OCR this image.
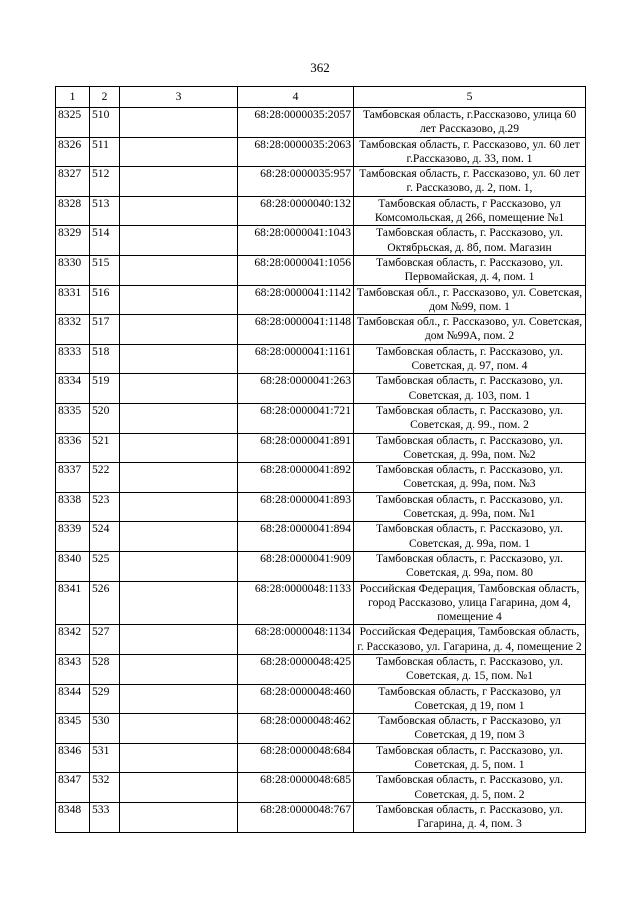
362
1	2	3	4	5
8325	510		68:28:0000035:2057	Тамбовская область, г.Рассказово, улица 60 лет Рассказово, д.29
8326	511		68:28:0000035:2063	Тамбовская область, г. Рассказово, ул. 60 лет г.Рассказово, д. 33, пом. 1
8327	512		68:28:0000035:957	Тамбовская область, г. Рассказово, ул. 60 лет г. Рассказово, д. 2, пом. 1,
8328	513		68:28:0000040:132	Тамбовская область, г Рассказово, ул Комсомольская, д 266, помещение №1
8329	514		68:28:0000041:1043	Тамбовская область, г. Рассказово, ул. Октябрьская, д. 8б, пом. Магазин
8330	515		68:28:0000041:1056	Тамбовская область, г. Рассказово, ул. Первомайская, д. 4, пом. 1
8331	516		68:28:0000041:1142	Тамбовская обл., г. Рассказово, ул. Советская, дом №99, пом. 1
8332	517		68:28:0000041:1148	Тамбовская обл., г. Рассказово, ул. Советская, дом №99А, пом. 2
8333	518		68:28:0000041:1161	Тамбовская область, г. Рассказово, ул. Советская, д. 97, пом. 4
8334	519		68:28:0000041:263	Тамбовская область, г. Рассказово, ул. Советская, д. 103, пом. 1
8335	520		68:28:0000041:721	Тамбовская область, г. Рассказово, ул. Советская, д. 99., пом. 2
8336	521		68:28:0000041:891	Тамбовская область, г. Рассказово, ул. Советская, д. 99а, пом. №2
8337	522		68:28:0000041:892	Тамбовская область, г. Рассказово, ул. Советская, д. 99а, пом. №3
8338	523		68:28:0000041:893	Тамбовская область, г. Рассказово, ул. Советская, д. 99а, пом. №1
8339	524		68:28:0000041:894	Тамбовская область, г. Рассказово, ул. Советская, д. 99а, пом. 1
8340	525		68:28:0000041:909	Тамбовская область, г. Рассказово, ул. Советская, д. 99а, пом. 80
8341	526		68:28:0000048:1133	Российская Федерация, Тамбовская область, город Рассказово, улица Гагарина, дом 4, помещение 4
8342	527		68:28:0000048:1134	Российская Федерация, Тамбовская область, г. Рассказово, ул. Гагарина, д. 4, помещение 2
8343	528		68:28:0000048:425	Тамбовская область, г. Рассказово, ул. Советская, д. 15, пом. №1
8344	529		68:28:0000048:460	Тамбовская область, г Рассказово, ул Советская, д 19, пом 1
8345	530		68:28:0000048:462	Тамбовская область, г Рассказово, ул Советская, д 19, пом 3
8346	531		68:28:0000048:684	Тамбовская область, г. Рассказово, ул. Советская, д. 5, пом. 1
8347	532		68:28:0000048:685	Тамбовская область, г. Рассказово, ул. Советская, д. 5, пом. 2
8348	533		68:28:0000048:767	Тамбовская область, г. Рассказово, ул. Гагарина, д. 4, пом. 3
